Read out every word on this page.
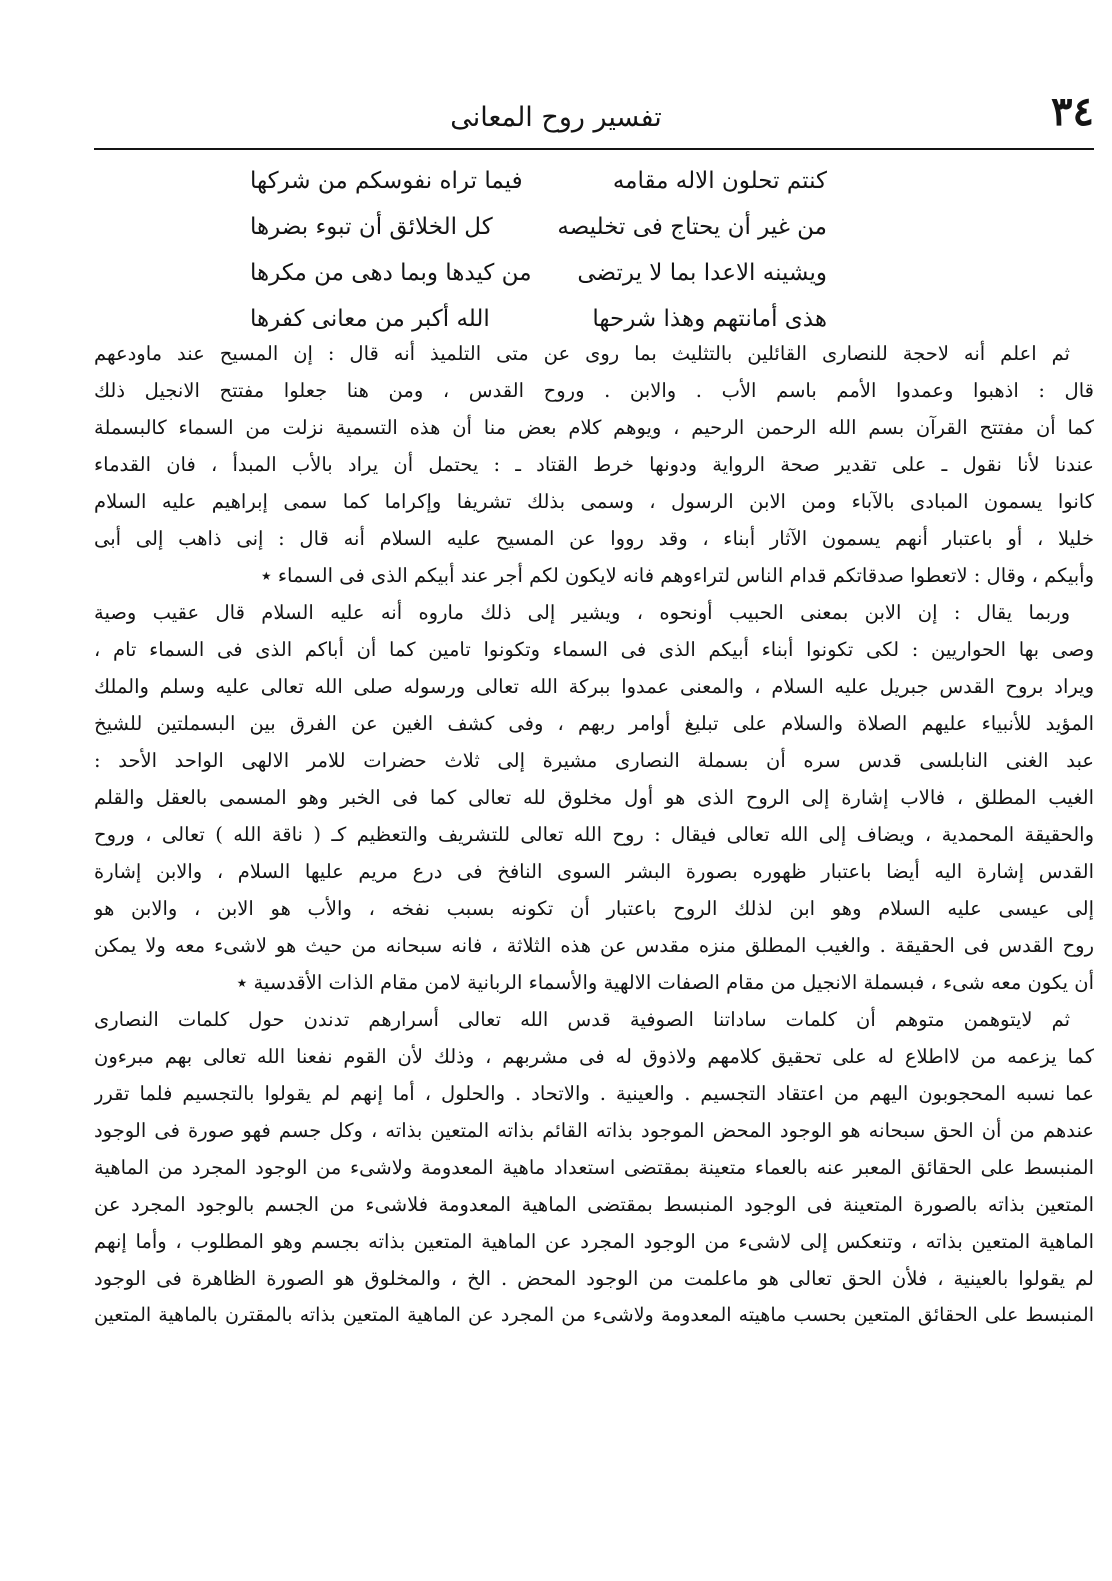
٣٤
تفسير روح المعانى
كنتم تحلون الاله مقامه
فيما تراه نفوسكم من شركها
من غير أن يحتاج فى تخليصه
كل الخلائق أن تبوء بضرها
ويشينه الاعدا بما لا يرتضى
من كيدها وبما دهى من مكرها
هذى أمانتهم وهذا شرحها
الله أكبر من معانى كفرها
ثم اعلم أنه لاحجة للنصارى القائلين بالتثليث بما روى عن متى التلميذ أنه قال : إن المسيح عند ماودعهم
قال : اذهبوا وعمدوا الأمم باسم الأب . والابن . وروح القدس ، ومن هنا جعلوا مفتتح الانجيل ذلك
كما أن مفتتح القرآن بسم الله الرحمن الرحيم ، ويوهم كلام بعض منا أن هذه التسمية نزلت من السماء كالبسملة
عندنا لأنا نقول ـ على تقدير صحة الرواية ودونها خرط القتاد ـ : يحتمل أن يراد بالأب المبدأ ، فان القدماء
كانوا يسمون المبادى بالآباء ومن الابن الرسول ، وسمى بذلك تشريفا وإكراما كما سمى إبراهيم عليه السلام
خليلا ، أو باعتبار أنهم يسمون الآثار أبناء ، وقد رووا عن المسيح عليه السلام أنه قال : إنى ذاهب إلى أبى
وأبيكم ، وقال : لاتعطوا صدقاتكم قدام الناس لتراءوهم فانه لايكون لكم أجر عند أبيكم الذى فى السماء ٭
وربما يقال : إن الابن بمعنى الحبيب أونحوه ، ويشير إلى ذلك ماروه أنه عليه السلام قال عقيب وصية
وصى بها الحواريين : لكى تكونوا أبناء أبيكم الذى فى السماء وتكونوا تامين كما أن أباكم الذى فى السماء تام ،
ويراد بروح القدس جبريل عليه السلام ، والمعنى عمدوا ببركة الله تعالى ورسوله صلى الله تعالى عليه وسلم والملك
المؤيد للأنبياء عليهم الصلاة والسلام على تبليغ أوامر ربهم ، وفى كشف الغين عن الفرق بين البسملتين للشيخ
عبد الغنى النابلسى قدس سره أن بسملة النصارى مشيرة إلى ثلاث حضرات للامر الالهى الواحد الأحد :
الغيب المطلق ، فالاب إشارة إلى الروح الذى هو أول مخلوق لله تعالى كما فى الخبر وهو المسمى بالعقل والقلم
والحقيقة المحمدية ، ويضاف إلى الله تعالى فيقال : روح الله تعالى للتشريف والتعظيم كـ ( ناقة الله ) تعالى ، وروح
القدس إشارة اليه أيضا باعتبار ظهوره بصورة البشر السوى النافخ فى درع مريم عليها السلام ، والابن إشارة
إلى عيسى عليه السلام وهو ابن لذلك الروح باعتبار أن تكونه بسبب نفخه ، والأب هو الابن ، والابن هو
روح القدس فى الحقيقة . والغيب المطلق منزه مقدس عن هذه الثلاثة ، فانه سبحانه من حيث هو لاشىء معه ولا يمكن
أن يكون معه شىء ، فبسملة الانجيل من مقام الصفات الالهية والأسماء الربانية لامن مقام الذات الأقدسية ٭
ثم لايتوهمن متوهم أن كلمات ساداتنا الصوفية قدس الله تعالى أسرارهم تدندن حول كلمات النصارى
كما يزعمه من لااطلاع له على تحقيق كلامهم ولاذوق له فى مشربهم ، وذلك لأن القوم نفعنا الله تعالى بهم مبرءون
عما نسبه المحجوبون اليهم من اعتقاد التجسيم . والعينية . والاتحاد . والحلول ، أما إنهم لم يقولوا بالتجسيم فلما تقرر
عندهم من أن الحق سبحانه هو الوجود المحض الموجود بذاته القائم بذاته المتعين بذاته ، وكل جسم فهو صورة فى الوجود
المنبسط على الحقائق المعبر عنه بالعماء متعينة بمقتضى استعداد ماهية المعدومة ولاشىء من الوجود المجرد من الماهية
المتعين بذاته بالصورة المتعينة فى الوجود المنبسط بمقتضى الماهية المعدومة فلاشىء من الجسم بالوجود المجرد عن
الماهية المتعين بذاته ، وتنعكس إلى لاشىء من الوجود المجرد عن الماهية المتعين بذاته بجسم وهو المطلوب ، وأما إنهم
لم يقولوا بالعينية ، فلأن الحق تعالى هو ماعلمت من الوجود المحض . الخ ، والمخلوق هو الصورة الظاهرة فى الوجود
المنبسط على الحقائق المتعين بحسب ماهيته المعدومة ولاشىء من المجرد عن الماهية المتعين بذاته بالمقترن بالماهية المتعين
